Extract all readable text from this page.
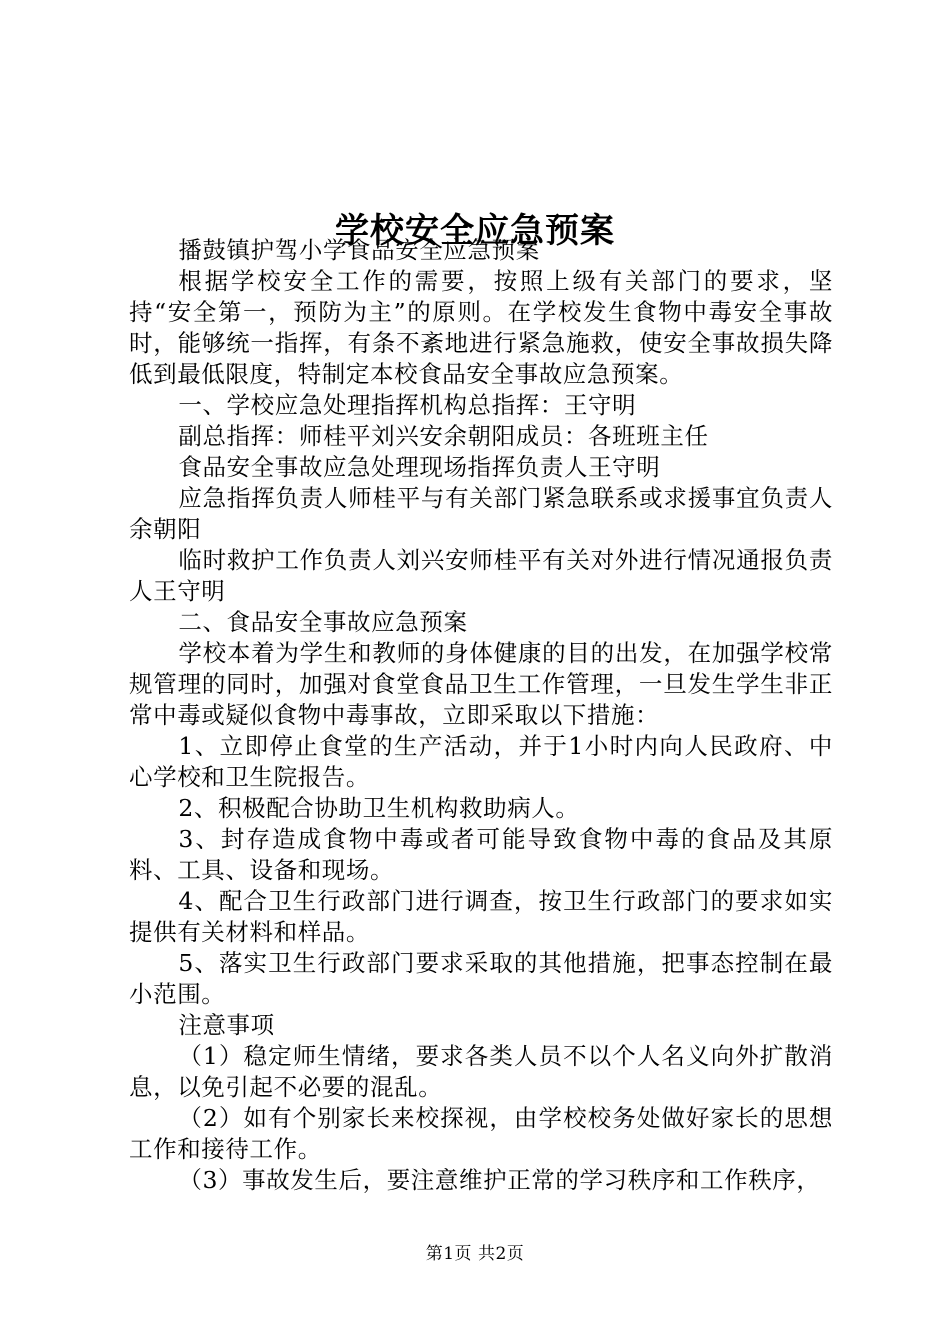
学校安全应急预案

播鼓镇护驾小学食品安全应急预案

根据学校安全工作的需要，按照上级有关部门的要求，坚持“安全第一，预防为主”的原则。在学校发生食物中毒安全事故时，能够统一指挥，有条不紊地进行紧急施救，使安全事故损失降低到最低限度，特制定本校食品安全事故应急预案。

一、学校应急处理指挥机构总指挥：王守明

副总指挥：师桂平刘兴安余朝阳成员：各班班主任

食品安全事故应急处理现场指挥负责人王守明

应急指挥负责人师桂平与有关部门紧急联系或求援事宜负责人余朝阳

临时救护工作负责人刘兴安师桂平有关对外进行情况通报负责人王守明

二、食品安全事故应急预案

学校本着为学生和教师的身体健康的目的出发，在加强学校常规管理的同时，加强对食堂食品卫生工作管理，一旦发生学生非正常中毒或疑似食物中毒事故，立即采取以下措施：

1、立即停止食堂的生产活动，并于1小时内向人民政府、中心学校和卫生院报告。

2、积极配合协助卫生机构救助病人。

3、封存造成食物中毒或者可能导致食物中毒的食品及其原料、工具、设备和现场。

4、配合卫生行政部门进行调查，按卫生行政部门的要求如实提供有关材料和样品。

5、落实卫生行政部门要求采取的其他措施，把事态控制在最小范围。

注意事项

（1）稳定师生情绪，要求各类人员不以个人名义向外扩散消息，以免引起不必要的混乱。

（2）如有个别家长来校探视，由学校校务处做好家长的思想工作和接待工作。

（3）事故发生后，要注意维护正常的学习秩序和工作秩序，

第1页 共2页
